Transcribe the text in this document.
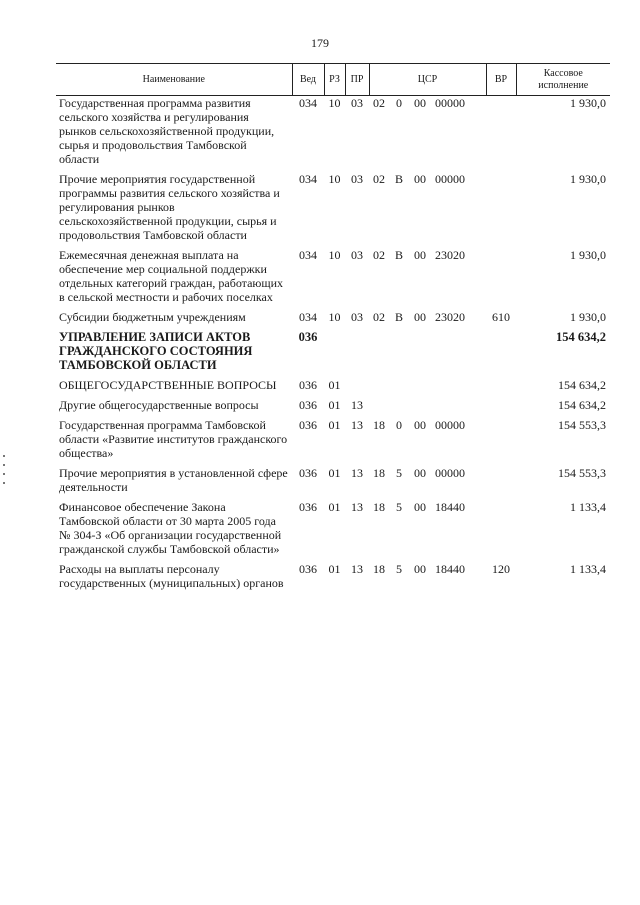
179
Наименование	Вед	РЗ	ПР	ЦСР				ВР	Кассовое исполнение
Государственная программа развития сельского хозяйства и регулирования рынков сельскохозяйственной продукции, сырья и продовольствия Тамбовской области	034	10	03	02	0	00	00000		1 930,0
Прочие мероприятия государственной программы развития сельского хозяйства и регулирования рынков сельскохозяйственной продукции, сырья и продовольствия Тамбовской области	034	10	03	02	В	00	00000		1 930,0
Ежемесячная денежная выплата на обеспечение мер социальной поддержки отдельных категорий граждан, работающих в сельской местности и рабочих поселках	034	10	03	02	В	00	23020		1 930,0
Субсидии бюджетным учреждениям	034	10	03	02	В	00	23020	610	1 930,0
УПРАВЛЕНИЕ ЗАПИСИ АКТОВ ГРАЖДАНСКОГО СОСТОЯНИЯ ТАМБОВСКОЙ ОБЛАСТИ	036								154 634,2
ОБЩЕГОСУДАРСТВЕННЫЕ ВОПРОСЫ	036	01							154 634,2
Другие общегосударственные вопросы	036	01	13						154 634,2
Государственная программа Тамбовской области «Развитие институтов гражданского общества»	036	01	13	18	0	00	00000		154 553,3
Прочие мероприятия в установленной сфере деятельности	036	01	13	18	5	00	00000		154 553,3
Финансовое обеспечение Закона Тамбовской области от 30 марта 2005 года № 304-З «Об организации государственной гражданской службы Тамбовской области»	036	01	13	18	5	00	18440		1 133,4
Расходы на выплаты персоналу государственных (муниципальных) органов	036	01	13	18	5	00	18440	120	1 133,4
